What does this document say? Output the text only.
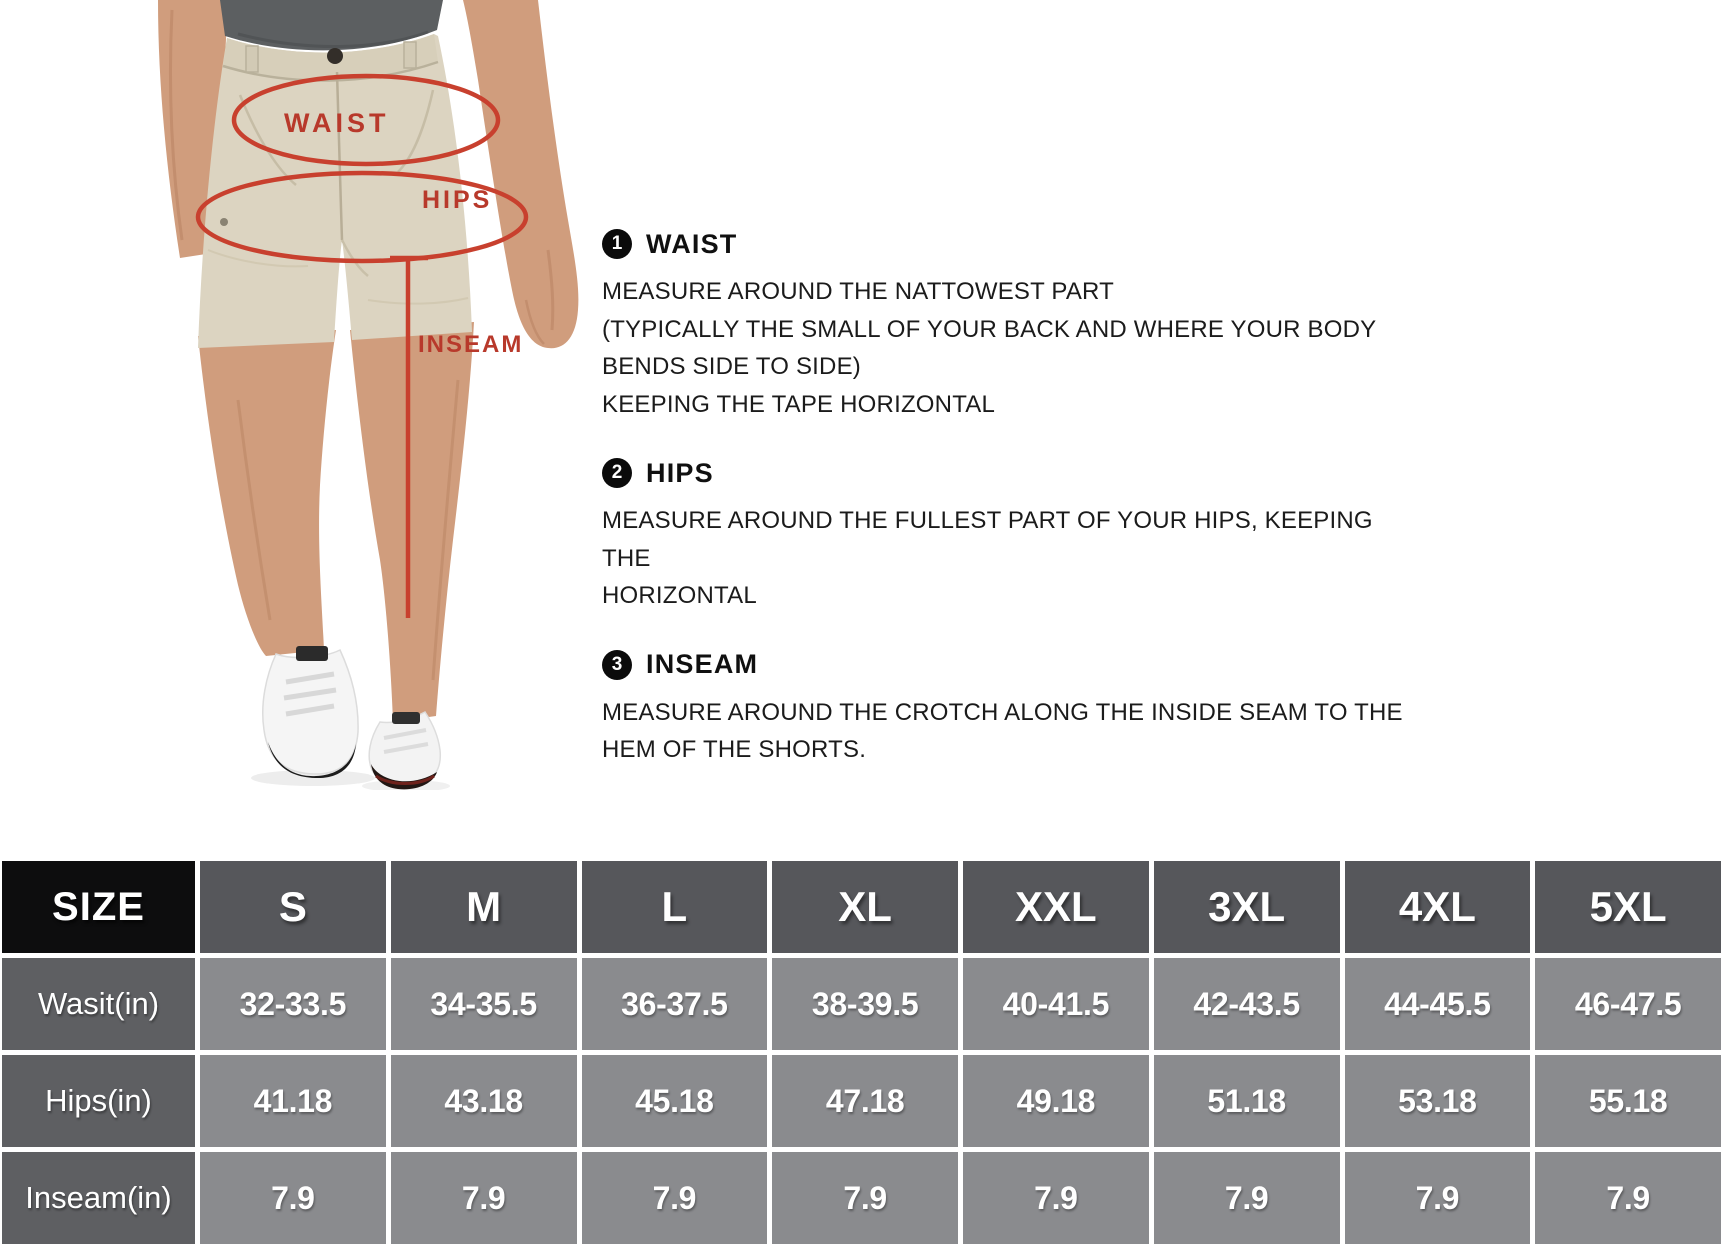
WAIST
HIPS
INSEAM
1 WAIST

MEASURE AROUND THE NATTOWEST PART

(TYPICALLY THE SMALL OF YOUR BACK AND WHERE YOUR BODY

BENDS SIDE TO SIDE)

KEEPING THE TAPE HORIZONTAL

2 HIPS

MEASURE AROUND THE FULLEST PART OF YOUR HIPS, KEEPING THE

HORIZONTAL

3 INSEAM

MEASURE AROUND THE CROTCH ALONG THE INSIDE SEAM TO THE

HEM OF THE SHORTS.

SIZE	S	M	L	XL	XXL	3XL	4XL	5XL
Wasit(in)	32-33.5	34-35.5	36-37.5	38-39.5	40-41.5	42-43.5	44-45.5	46-47.5
Hips(in)	41.18	43.18	45.18	47.18	49.18	51.18	53.18	55.18
Inseam(in)	7.9	7.9	7.9	7.9	7.9	7.9	7.9	7.9
